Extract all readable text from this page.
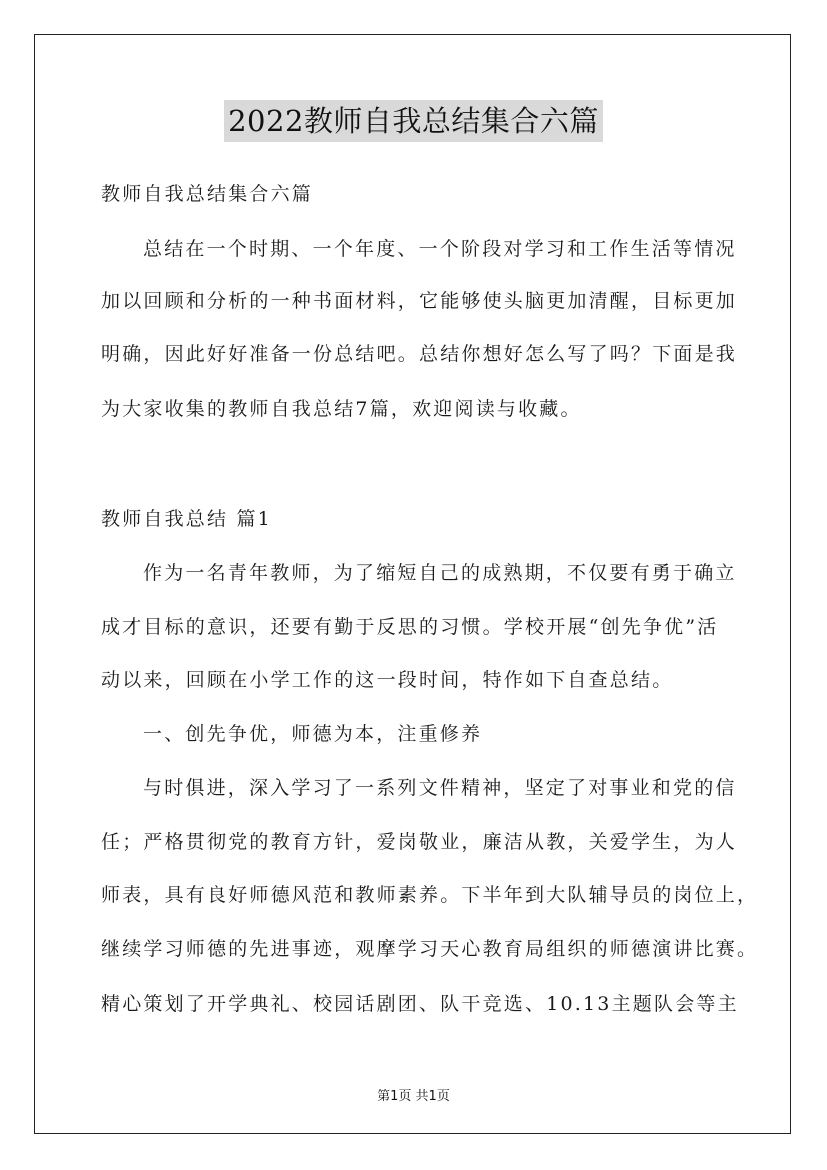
2022教师自我总结集合六篇
教师自我总结集合六篇
总结在一个时期、一个年度、一个阶段对学习和工作生活等情况
加以回顾和分析的一种书面材料，它能够使头脑更加清醒，目标更加
明确，因此好好准备一份总结吧。总结你想好怎么写了吗？下面是我
为大家收集的教师自我总结7篇，欢迎阅读与收藏。
教师自我总结 篇1
作为一名青年教师，为了缩短自己的成熟期，不仅要有勇于确立
成才目标的意识，还要有勤于反思的习惯。学校开展“创先争优”活
动以来，回顾在小学工作的这一段时间，特作如下自查总结。
一、创先争优，师德为本，注重修养
与时俱进，深入学习了一系列文件精神，坚定了对事业和党的信
任；严格贯彻党的教育方针，爱岗敬业，廉洁从教，关爱学生，为人
师表，具有良好师德风范和教师素养。下半年到大队辅导员的岗位上，
继续学习师德的先进事迹，观摩学习天心教育局组织的师德演讲比赛。
精心策划了开学典礼、校园话剧团、队干竞选、10.13主题队会等主
第1页 共1页
